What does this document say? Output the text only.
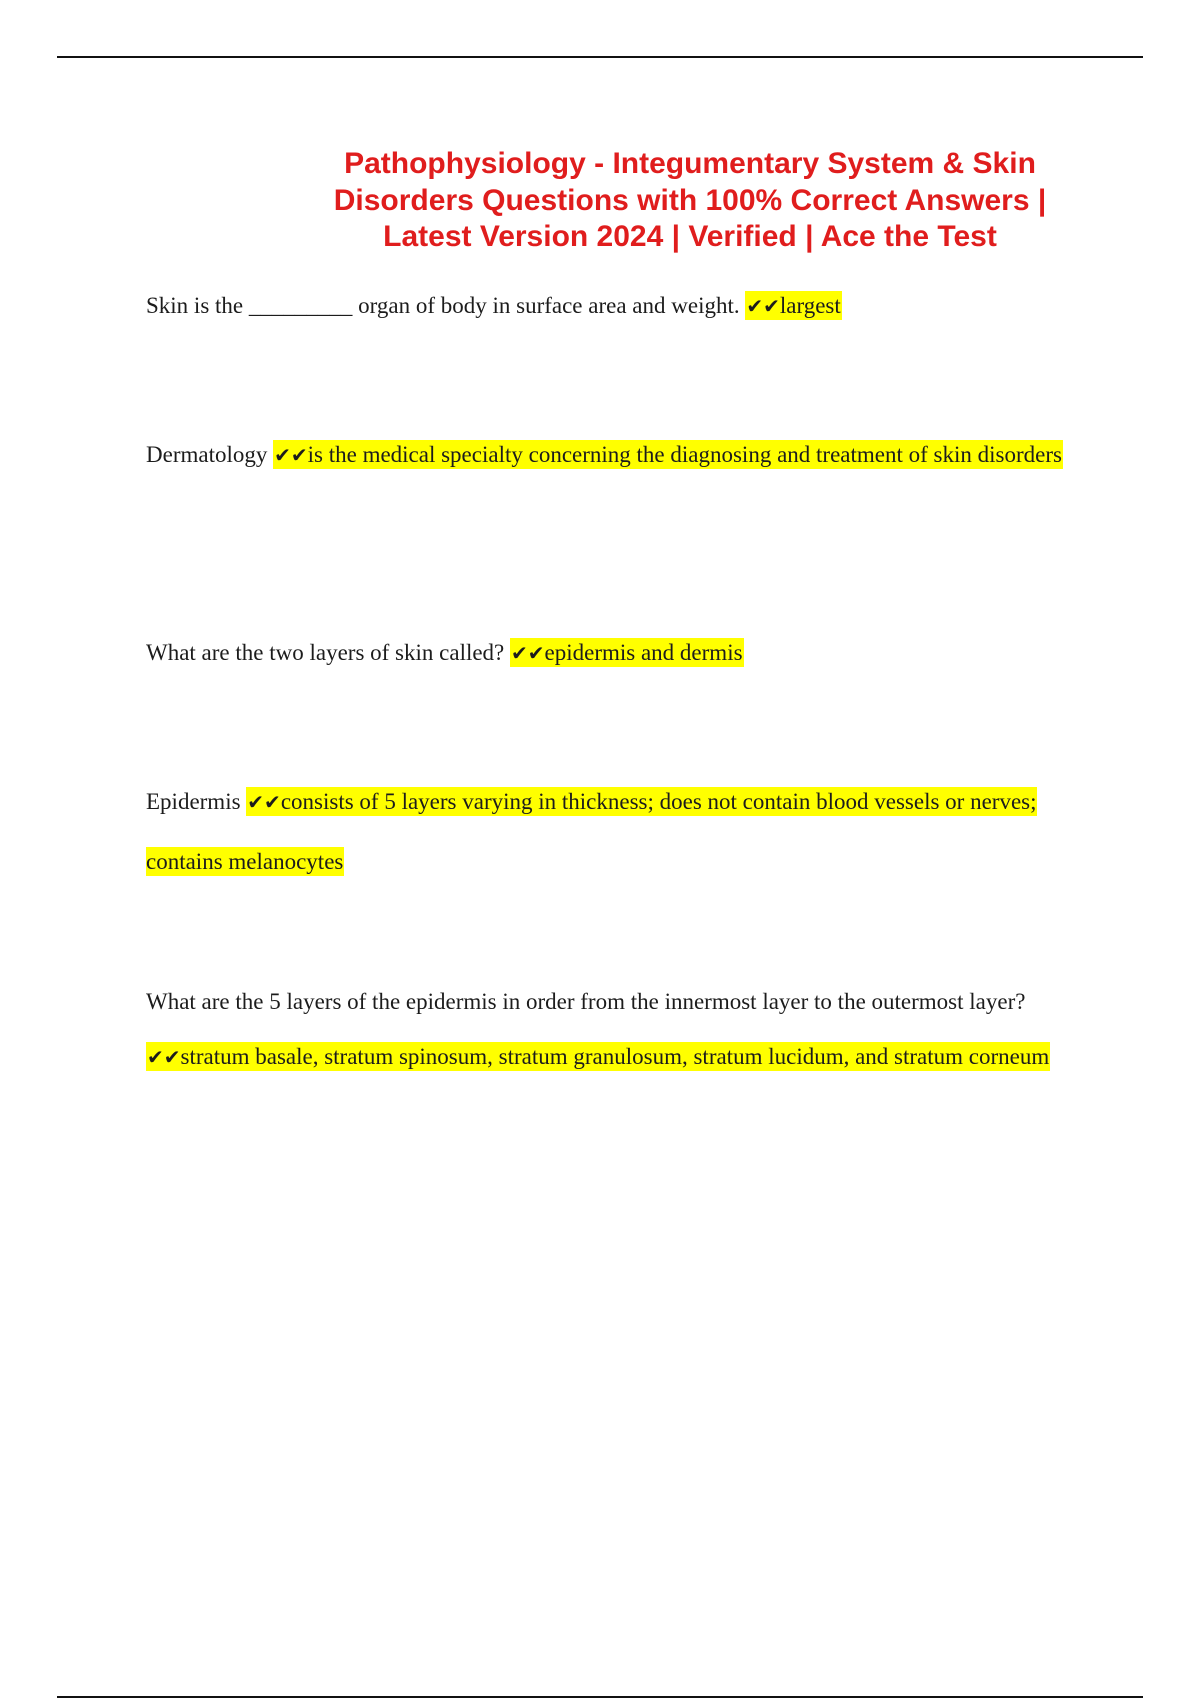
Pathophysiology - Integumentary System & Skin Disorders Questions with 100% Correct Answers | Latest Version 2024 | Verified | Ace the Test

Skin is the _________ organ of body in surface area and weight. ✔✔largest

Dermatology ✔✔is the medical specialty concerning the diagnosing and treatment of skin disorders

What are the two layers of skin called? ✔✔epidermis and dermis

Epidermis ✔✔consists of 5 layers varying in thickness; does not contain blood vessels or nerves; contains melanocytes

What are the 5 layers of the epidermis in order from the innermost layer to the outermost layer?
✔✔stratum basale, stratum spinosum, stratum granulosum, stratum lucidum, and stratum corneum
